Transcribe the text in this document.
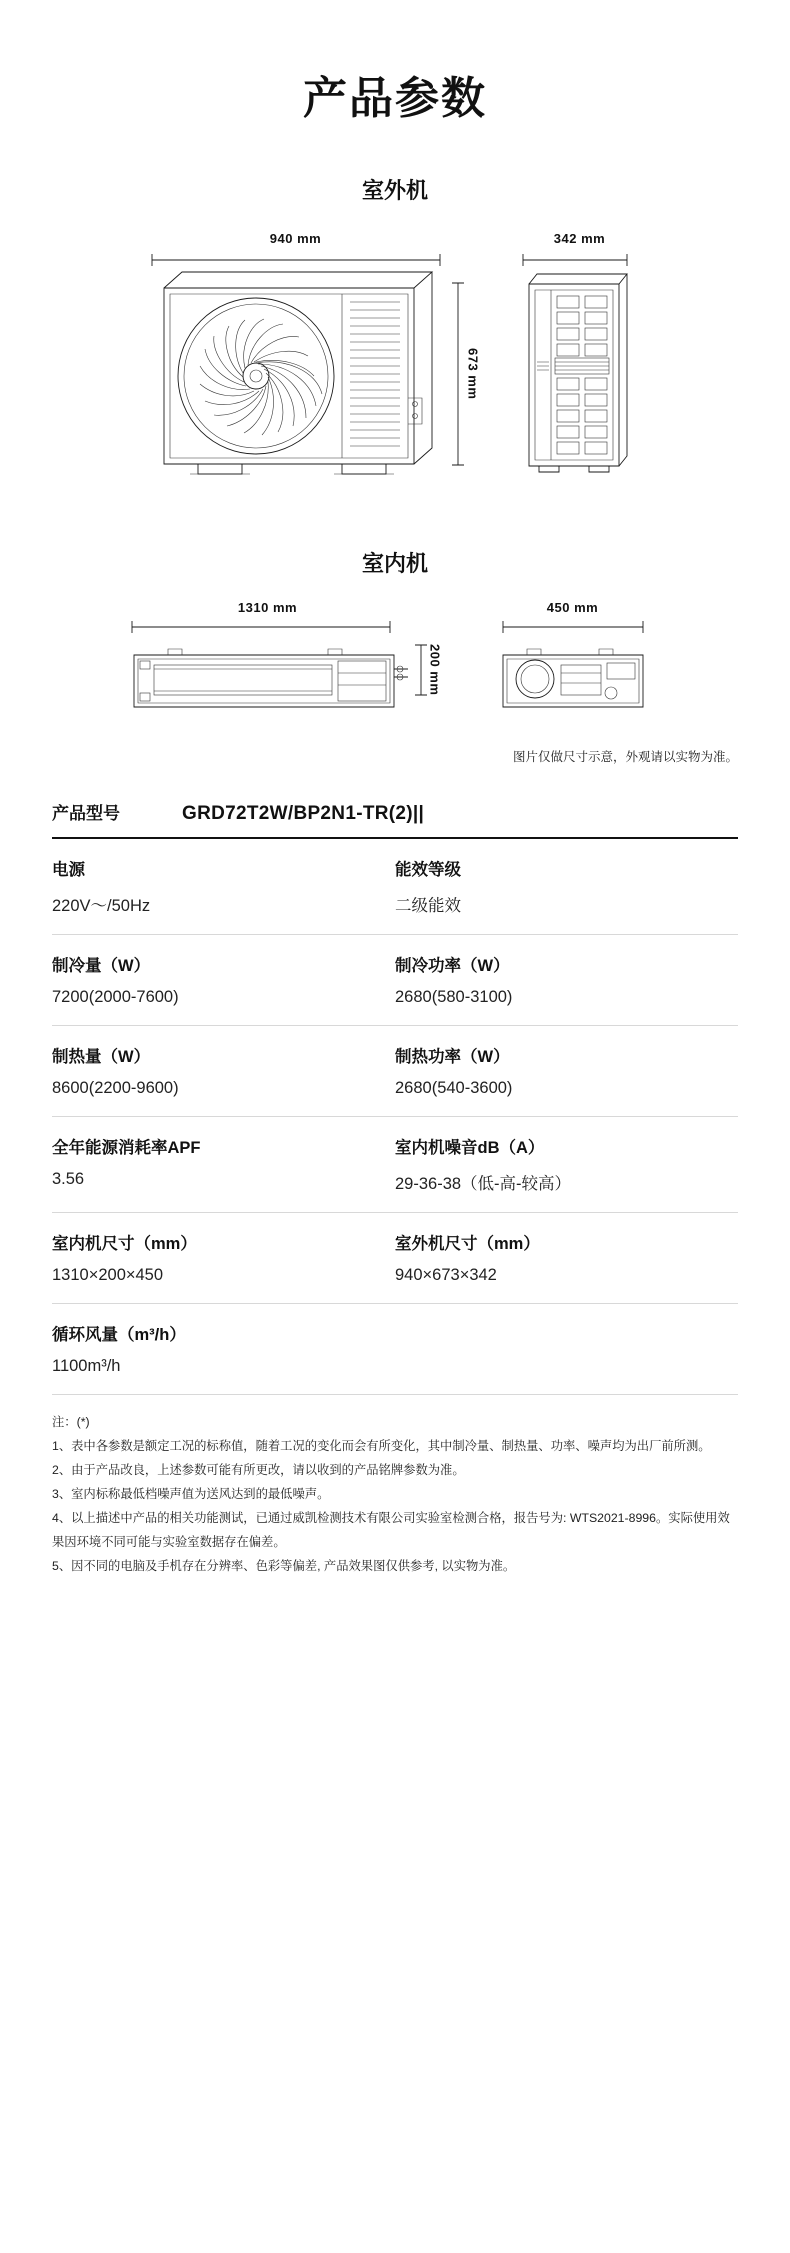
产品参数
室外机
940 mm
673 mm
342 mm
室内机
1310 mm
200 mm
450 mm
图片仅做尺寸示意，外观请以实物为准。
产品型号	GRD72T2W/BP2N1-TR(2)||
电源
220V～/50Hz
能效等级
二级能效
制冷量（W）
7200(2000-7600)
制冷功率（W）
2680(580-3100)
制热量（W）
8600(2200-9600)
制热功率（W）
2680(540-3600)
全年能源消耗率APF
3.56
室内机噪音dB（A）
29-36-38（低-高-较高）
室内机尺寸（mm）
1310×200×450
室外机尺寸（mm）
940×673×342
循环风量（m³/h）
1100m³/h
注：(*)
1、表中各参数是额定工况的标称值，随着工况的变化而会有所变化，其中制冷量、制热量、功率、噪声均为出厂前所测。
2、由于产品改良，上述参数可能有所更改，请以收到的产品铭牌参数为准。
3、室内标称最低档噪声值为送风达到的最低噪声。
4、以上描述中产品的相关功能测试，已通过威凯检测技术有限公司实验室检测合格，报告号为: WTS2021-8996。实际使用效果因环境不同可能与实验室数据存在偏差。
5、因不同的电脑及手机存在分辨率、色彩等偏差, 产品效果图仅供参考, 以实物为准。
